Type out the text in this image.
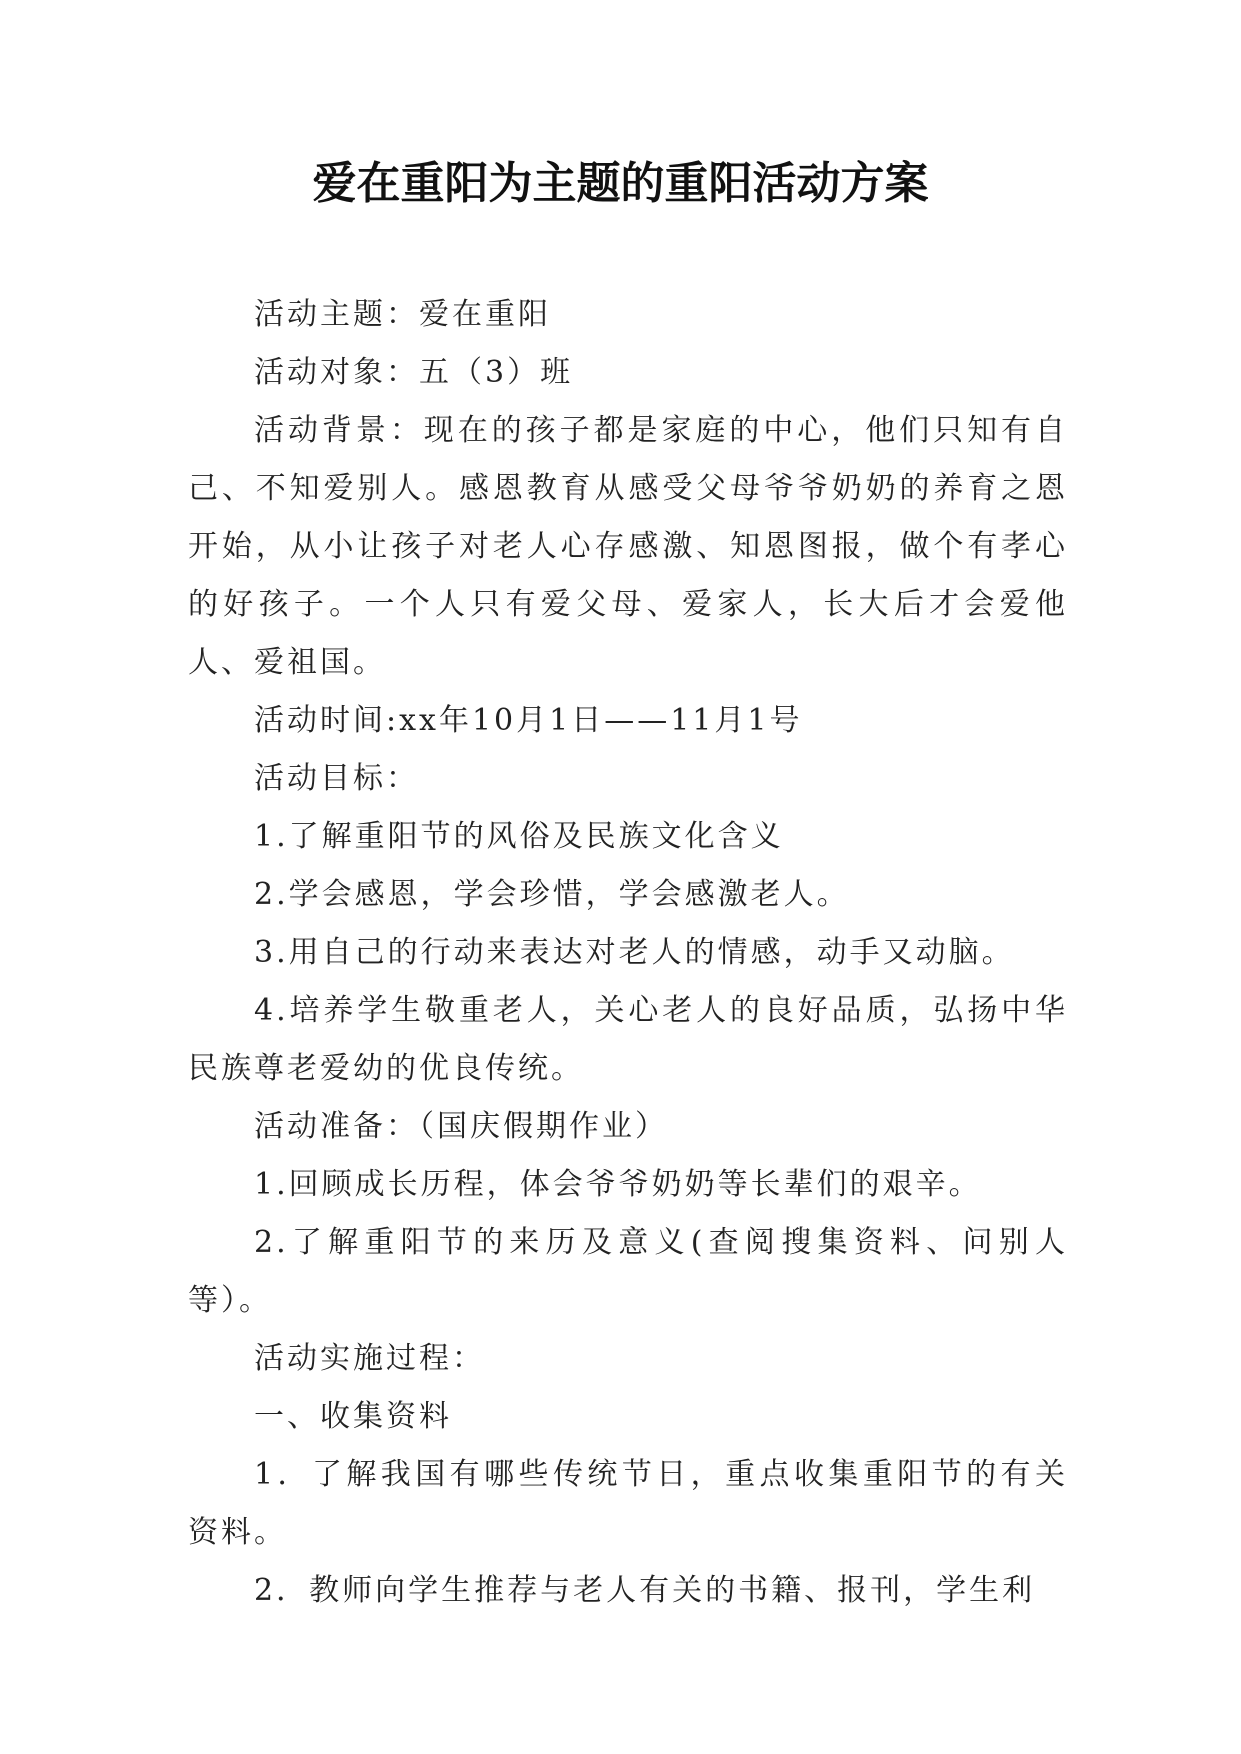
爱在重阳为主题的重阳活动方案

活动主题：爱在重阳

活动对象：五（3）班

活动背景：现在的孩子都是家庭的中心，他们只知有自己、不知爱别人。感恩教育从感受父母爷爷奶奶的养育之恩开始，从小让孩子对老人心存感激、知恩图报，做个有孝心的好孩子。一个人只有爱父母、爱家人，长大后才会爱他人、爱祖国。

活动时间:xx年10月1日——11月1号

活动目标：

1.了解重阳节的风俗及民族文化含义

2.学会感恩，学会珍惜，学会感激老人。

3.用自己的行动来表达对老人的情感，动手又动脑。

4.培养学生敬重老人，关心老人的良好品质，弘扬中华民族尊老爱幼的优良传统。

活动准备：（国庆假期作业）

1.回顾成长历程，体会爷爷奶奶等长辈们的艰辛。

2.了解重阳节的来历及意义(查阅搜集资料、问别人等）。

活动实施过程：

一、收集资料

1．了解我国有哪些传统节日，重点收集重阳节的有关资料。

2．教师向学生推荐与老人有关的书籍、报刊，学生利
